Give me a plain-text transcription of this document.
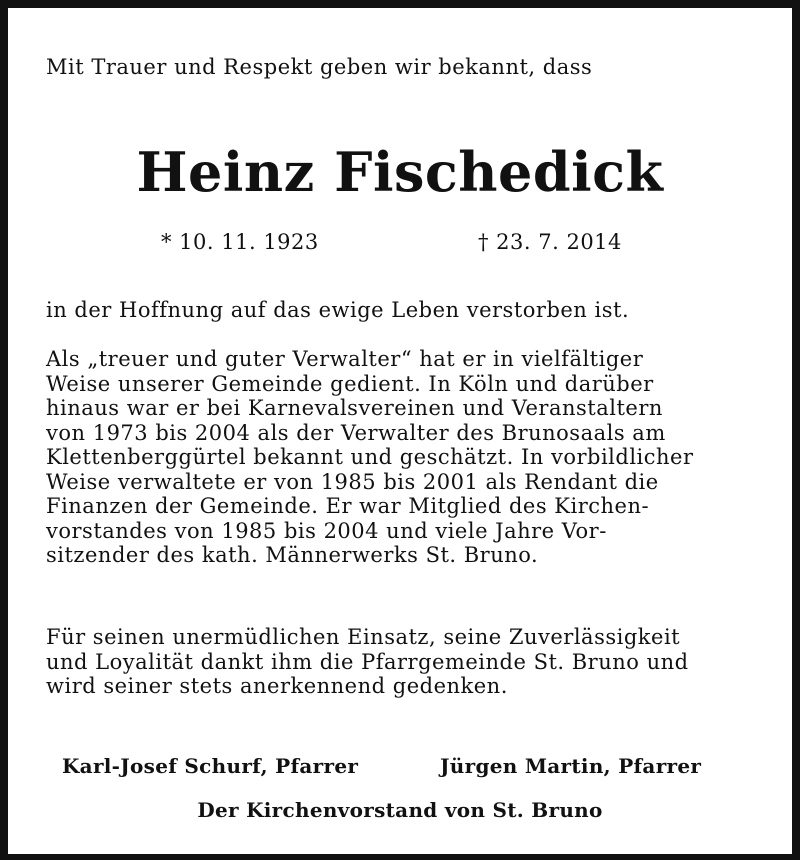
Mit Trauer und Respekt geben wir bekannt, dass
Heinz Fischedick
* 10. 11. 1923	† 23. 7. 2014
in der Hoffnung auf das ewige Leben verstorben ist.
Als „treuer und guter Verwalter“ hat er in vielfältiger
Weise unserer Gemeinde gedient. In Köln und darüber
hinaus war er bei Karnevalsvereinen und Veranstaltern
von 1973 bis 2004 als der Verwalter des Brunosaals am
Klettenberggürtel bekannt und geschätzt. In vorbildlicher
Weise verwaltete er von 1985 bis 2001 als Rendant die
Finanzen der Gemeinde. Er war Mitglied des Kirchen-
vorstandes von 1985 bis 2004 und viele Jahre Vor-
sitzender des kath. Männerwerks St. Bruno.
Für seinen unermüdlichen Einsatz, seine Zuverlässigkeit
und Loyalität dankt ihm die Pfarrgemeinde St. Bruno und
wird seiner stets anerkennend gedenken.
Karl-Josef Schurf, Pfarrer	Jürgen Martin, Pfarrer
Der Kirchenvorstand von St. Bruno
